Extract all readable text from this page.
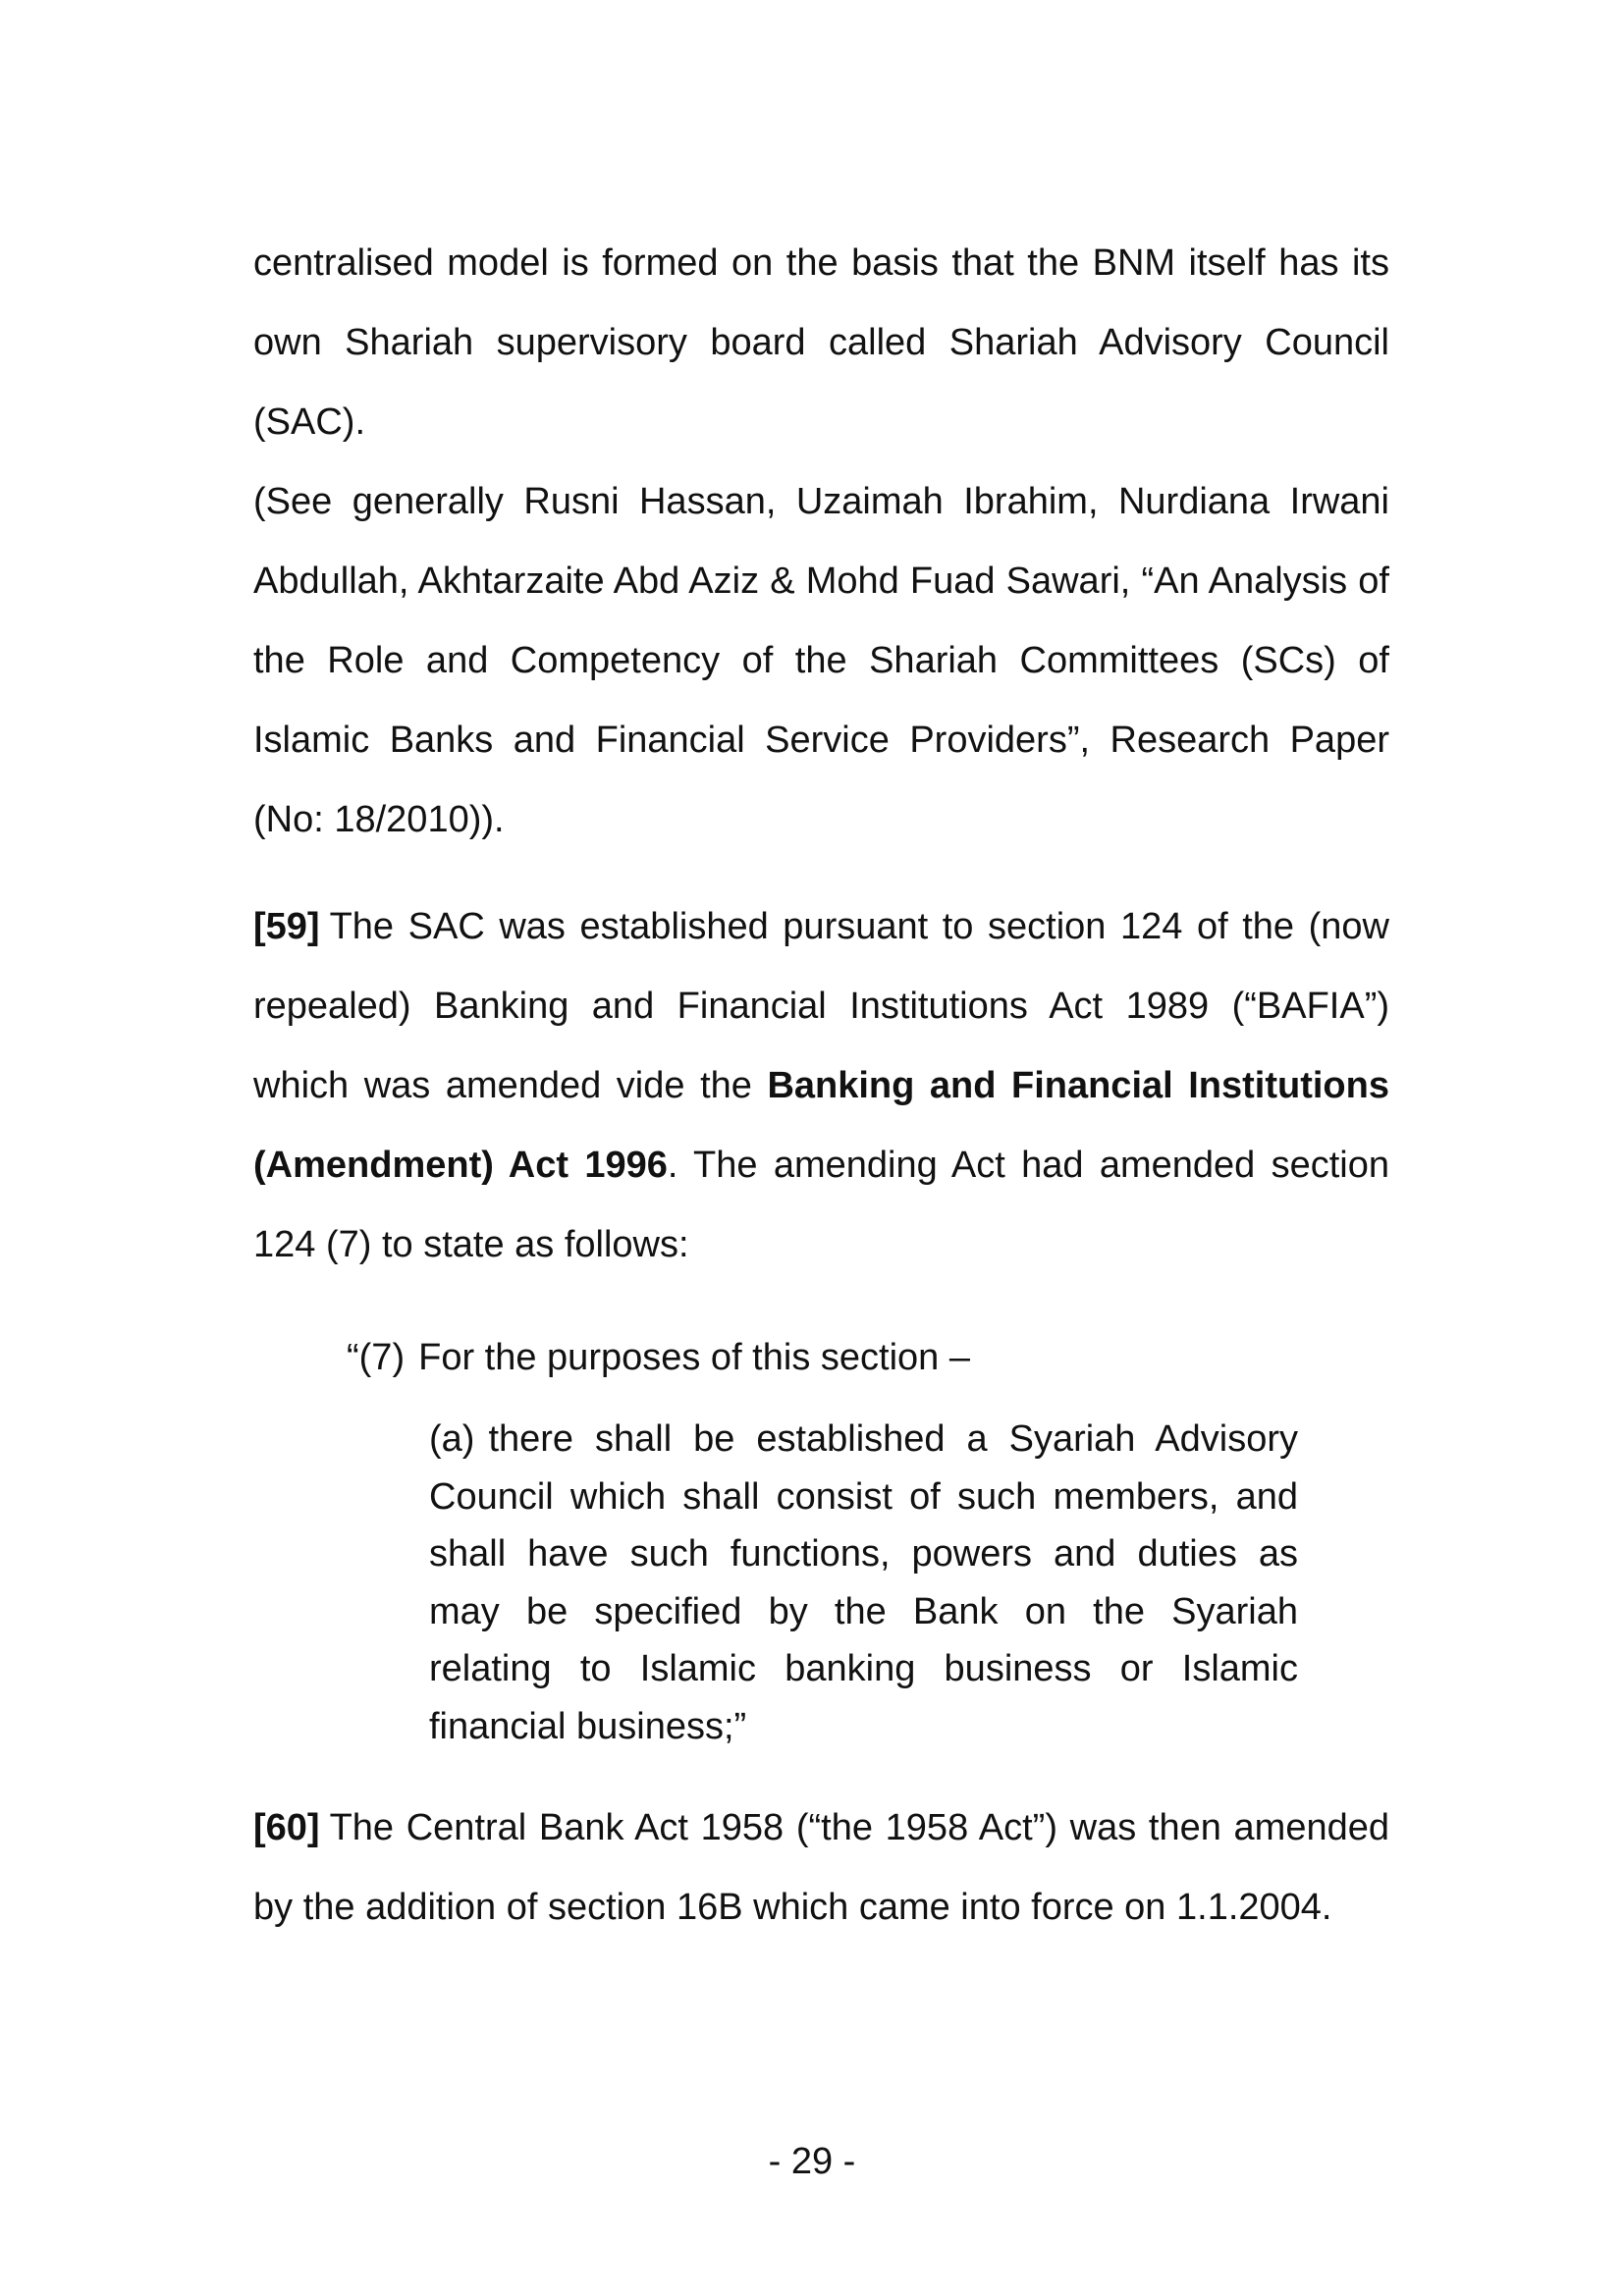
centralised model is formed on the basis that the BNM itself has its own Shariah supervisory board called Shariah Advisory Council (SAC).

(See generally Rusni Hassan, Uzaimah Ibrahim, Nurdiana Irwani Abdullah, Akhtarzaite Abd Aziz & Mohd Fuad Sawari, “An Analysis of the Role and Competency of the Shariah Committees (SCs) of Islamic Banks and Financial Service Providers”, Research Paper (No: 18/2010)).

[59] The SAC was established pursuant to section 124 of the (now repealed) Banking and Financial Institutions Act 1989 (“BAFIA”) which was amended vide the Banking and Financial Institutions (Amendment) Act 1996. The amending Act had amended section 124 (7) to state as follows:

“(7) For the purposes of this section –

(a) there shall be established a Syariah Advisory Council which shall consist of such members, and shall have such functions, powers and duties as may be specified by the Bank on the Syariah relating to Islamic banking business or Islamic financial business;”

[60] The Central Bank Act 1958 (“the 1958 Act”) was then amended by the addition of section 16B which came into force on 1.1.2004.

- 29 -
